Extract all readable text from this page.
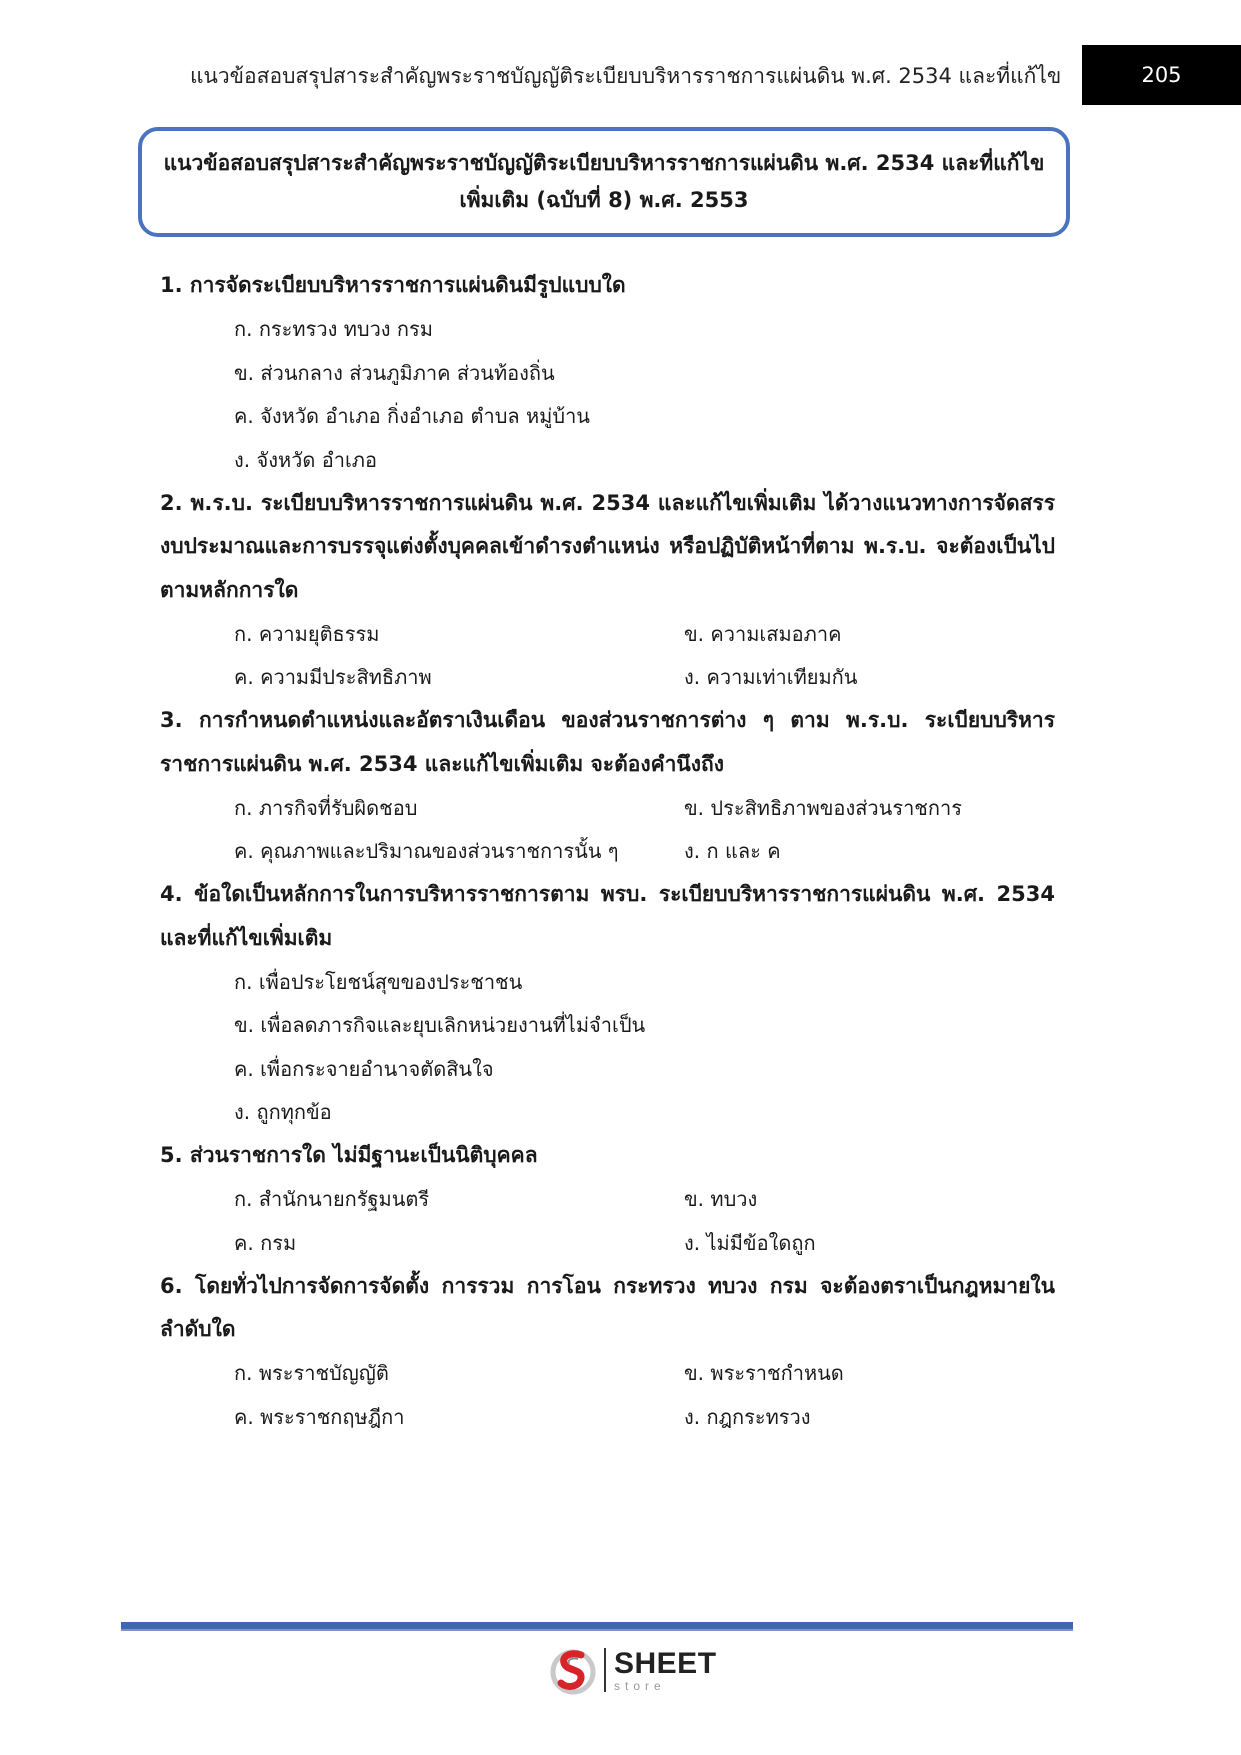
แนวข้อสอบสรุปสาระสำคัญพระราชบัญญัติระเบียบบริหารราชการแผ่นดิน พ.ศ. 2534 และที่แก้ไข	205
แนวข้อสอบสรุปสาระสำคัญพระราชบัญญัติระเบียบบริหารราชการแผ่นดิน พ.ศ. 2534 และที่แก้ไข
เพิ่มเติม (ฉบับที่ 8) พ.ศ. 2553

1. การจัดระเบียบบริหารราชการแผ่นดินมีรูปแบบใด

ก. กระทรวง ทบวง กรม
ข. ส่วนกลาง ส่วนภูมิภาค ส่วนท้องถิ่น
ค. จังหวัด อำเภอ กิ่งอำเภอ ตำบล หมู่บ้าน
ง. จังหวัด อำเภอ

2. พ.ร.บ. ระเบียบบริหารราชการแผ่นดิน พ.ศ. 2534 และแก้ไขเพิ่มเติม ได้วางแนวทางการจัดสรรงบประมาณและการบรรจุแต่งตั้งบุคคลเข้าดำรงตำแหน่ง หรือปฏิบัติหน้าที่ตาม พ.ร.บ. จะต้องเป็นไปตามหลักการใด

ก. ความยุติธรรม	ข. ความเสมอภาค
ค. ความมีประสิทธิภาพ	ง. ความเท่าเทียมกัน

3. การกำหนดตำแหน่งและอัตราเงินเดือน ของส่วนราชการต่าง ๆ ตาม พ.ร.บ. ระเบียบบริหารราชการแผ่นดิน พ.ศ. 2534 และแก้ไขเพิ่มเติม จะต้องคำนึงถึง

ก. ภารกิจที่รับผิดชอบ	ข. ประสิทธิภาพของส่วนราชการ
ค. คุณภาพและปริมาณของส่วนราชการนั้น ๆ	ง. ก และ ค

4. ข้อใดเป็นหลักการในการบริหารราชการตาม พรบ. ระเบียบบริหารราชการแผ่นดิน พ.ศ. 2534 และที่แก้ไขเพิ่มเติม

ก. เพื่อประโยชน์สุขของประชาชน
ข. เพื่อลดภารกิจและยุบเลิกหน่วยงานที่ไม่จำเป็น
ค. เพื่อกระจายอำนาจตัดสินใจ
ง. ถูกทุกข้อ

5. ส่วนราชการใด ไม่มีฐานะเป็นนิติบุคคล

ก. สำนักนายกรัฐมนตรี	ข. ทบวง
ค. กรม	ง. ไม่มีข้อใดถูก

6. โดยทั่วไปการจัดการจัดตั้ง การรวม การโอน กระทรวง ทบวง กรม จะต้องตราเป็นกฎหมายในลำดับใด

ก. พระราชบัญญัติ	ข. พระราชกำหนด
ค. พระราชกฤษฎีกา	ง. กฎกระทรวง
SHEET
store
